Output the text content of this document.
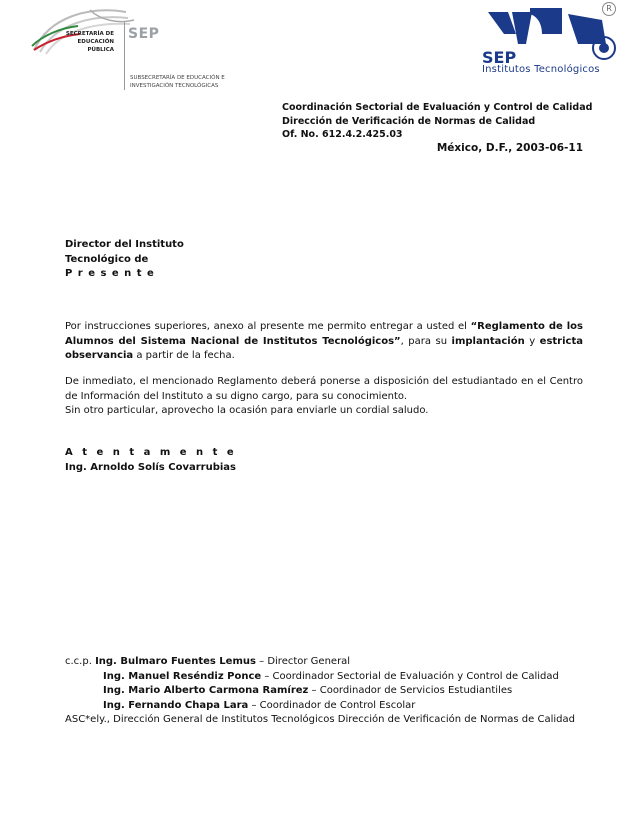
SECRETARÍA DE
EDUCACIÓN
PÚBLICA
SEP
SUBSECRETARÍA DE EDUCACIÓN E
INVESTIGACIÓN TECNOLÓGICAS
R
SEP
Institutos Tecnológicos
Coordinación Sectorial de Evaluación y Control de Calidad
Dirección de Verificación de Normas de Calidad
Of. No. 612.4.2.425.03
México, D.F., 2003-06-11
Director del Instituto
Tecnológico de
P r e s e n t e

Por instrucciones superiores, anexo al presente me permito entregar a usted el “Reglamento de los Alumnos del Sistema Nacional de Institutos Tecnológicos”, para su implantación y estricta observancia a partir de la fecha.

De inmediato, el mencionado Reglamento deberá ponerse a disposición del estudiantado en el Centro de Información del Instituto a su digno cargo, para su conocimiento.

Sin otro particular, aprovecho la ocasión para enviarle un cordial saludo.

A t e n t a m e n t e
Ing. Arnoldo Solís Covarrubias
c.c.p. Ing. Bulmaro Fuentes Lemus – Director General
Ing. Manuel Reséndiz Ponce – Coordinador Sectorial de Evaluación y Control de Calidad
Ing. Mario Alberto Carmona Ramírez – Coordinador de Servicios Estudiantiles
Ing. Fernando Chapa Lara – Coordinador de Control Escolar
ASC*ely., Dirección General de Institutos Tecnológicos Dirección de Verificación de Normas de Calidad
